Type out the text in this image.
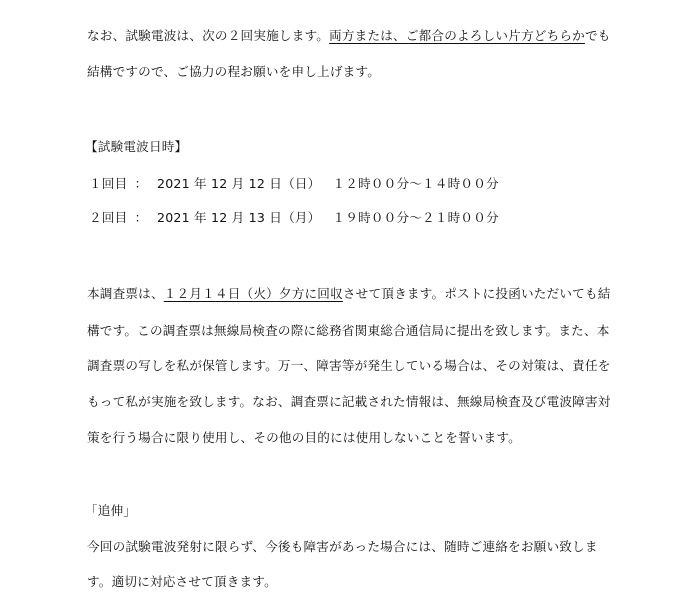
なお、試験電波は、次の２回実施します。両方または、ご都合のよろしい片方どちらかでも
結構ですので、ご協力の程お願いを申し上げます。
【試験電波日時】
１回目 ： 2021 年 12 月 12 日（日） １２時００分～１４時００分
２回目 ： 2021 年 12 月 13 日（月） １９時００分～２１時００分
本調査票は、１２月１４日（火）夕方に回収させて頂きます。ポストに投函いただいても結
構です。この調査票は無線局検査の際に総務省関東総合通信局に提出を致します。また、本
調査票の写しを私が保管します。万一、障害等が発生している場合は、その対策は、責任を
もって私が実施を致します。なお、調査票に記載された情報は、無線局検査及び電波障害対
策を行う場合に限り使用し、その他の目的には使用しないことを誓います。
「追伸」
今回の試験電波発射に限らず、今後も障害があった場合には、随時ご連絡をお願い致しま
す。適切に対応させて頂きます。
